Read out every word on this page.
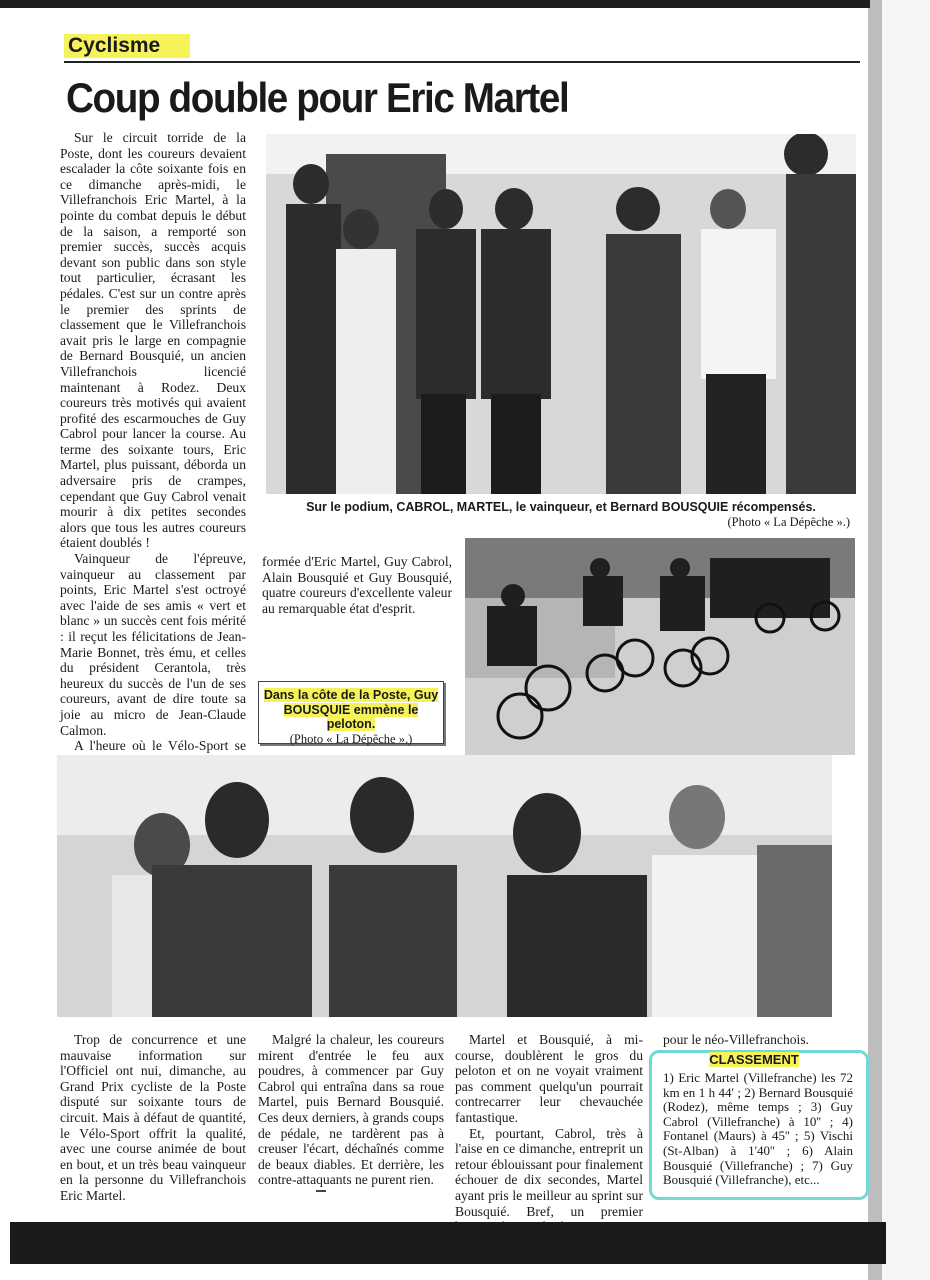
Cyclisme
Coup double pour Eric Martel

Sur le circuit torride de la Poste, dont les coureurs devaient escalader la côte soixante fois en ce dimanche après-midi, le Villefranchois Eric Martel, à la pointe du combat depuis le début de la saison, a remporté son premier succès, succès acquis devant son public dans son style tout particulier, écrasant les pédales. C'est sur un contre après le premier des sprints de classement que le Villefranchois avait pris le large en compagnie de Bernard Bousquié, un ancien Villefranchois licencié maintenant à Rodez. Deux coureurs très motivés qui avaient profité des escarmouches de Guy Cabrol pour lancer la course. Au terme des soixante tours, Eric Martel, plus puissant, déborda un adversaire pris de crampes, cependant que Guy Cabrol venait mourir à dix petites secondes alors que tous les autres coureurs étaient doublés !

Vainqueur de l'épreuve, vainqueur au classement par points, Eric Martel s'est octroyé avec l'aide de ses amis « vert et blanc » un succès cent fois mérité : il reçut les félicitations de Jean-Marie Bonnet, très ému, et celles du président Cerantola, très heureux du succès de l'un de ses coureurs, avant de dire toute sa joie au micro de Jean-Claude Calmon.

A l'heure où le Vélo-Sport se

Sur le podium, CABROL, MARTEL, le vainqueur, et Bernard BOUSQUIE récompensés.
(Photo « La Dépêche ».)

formée d'Eric Martel, Guy Cabrol, Alain Bousquié et Guy Bousquié, quatre coureurs d'excellente valeur au remarquable état d'esprit.

Dans la côte de la Poste, Guy BOUSQUIE emmène le peloton.
(Photo « La Dépêche ».)

Trop de concurrence et une mauvaise information sur l'Officiel ont nui, dimanche, au Grand Prix cycliste de la Poste disputé sur soixante tours de circuit. Mais à défaut de quantité, le Vélo-Sport offrit la qualité, avec une course animée de bout en bout, et un très beau vainqueur en la personne du Villefranchois Eric Martel.

Malgré la chaleur, les coureurs mirent d'entrée le feu aux poudres, à commencer par Guy Cabrol qui entraîna dans sa roue Martel, puis Bernard Bousquié. Ces deux derniers, à grands coups de pédale, ne tardèrent pas à creuser l'écart, déchaînés comme de beaux diables. Et derrière, les contre-attaquants ne purent rien.

Martel et Bousquié, à mi-course, doublèrent le gros du peloton et on ne voyait vraiment pas comment quelqu'un pourrait contrecarrer leur chevauchée fantastique.

Et, pourtant, Cabrol, très à l'aise en ce dimanche, entreprit un retour éblouissant pour finalement échouer de dix secondes, Martel ayant pris le meilleur au sprint sur Bousquié. Bref, un premier

pour le néo-Villefranchois.

CLASSEMENT
1) Eric Martel (Villefranche) les 72 km en 1 h 44' ; 2) Bernard Bousquié (Rodez), même temps ; 3) Guy Cabrol (Villefranche) à 10'' ; 4) Fontanel (Maurs) à 45'' ; 5) Vischi (St-Alban) à 1'40'' ; 6) Alain Bousquié (Villefranche) ; 7) Guy Bousquié (Villefranche), etc...
